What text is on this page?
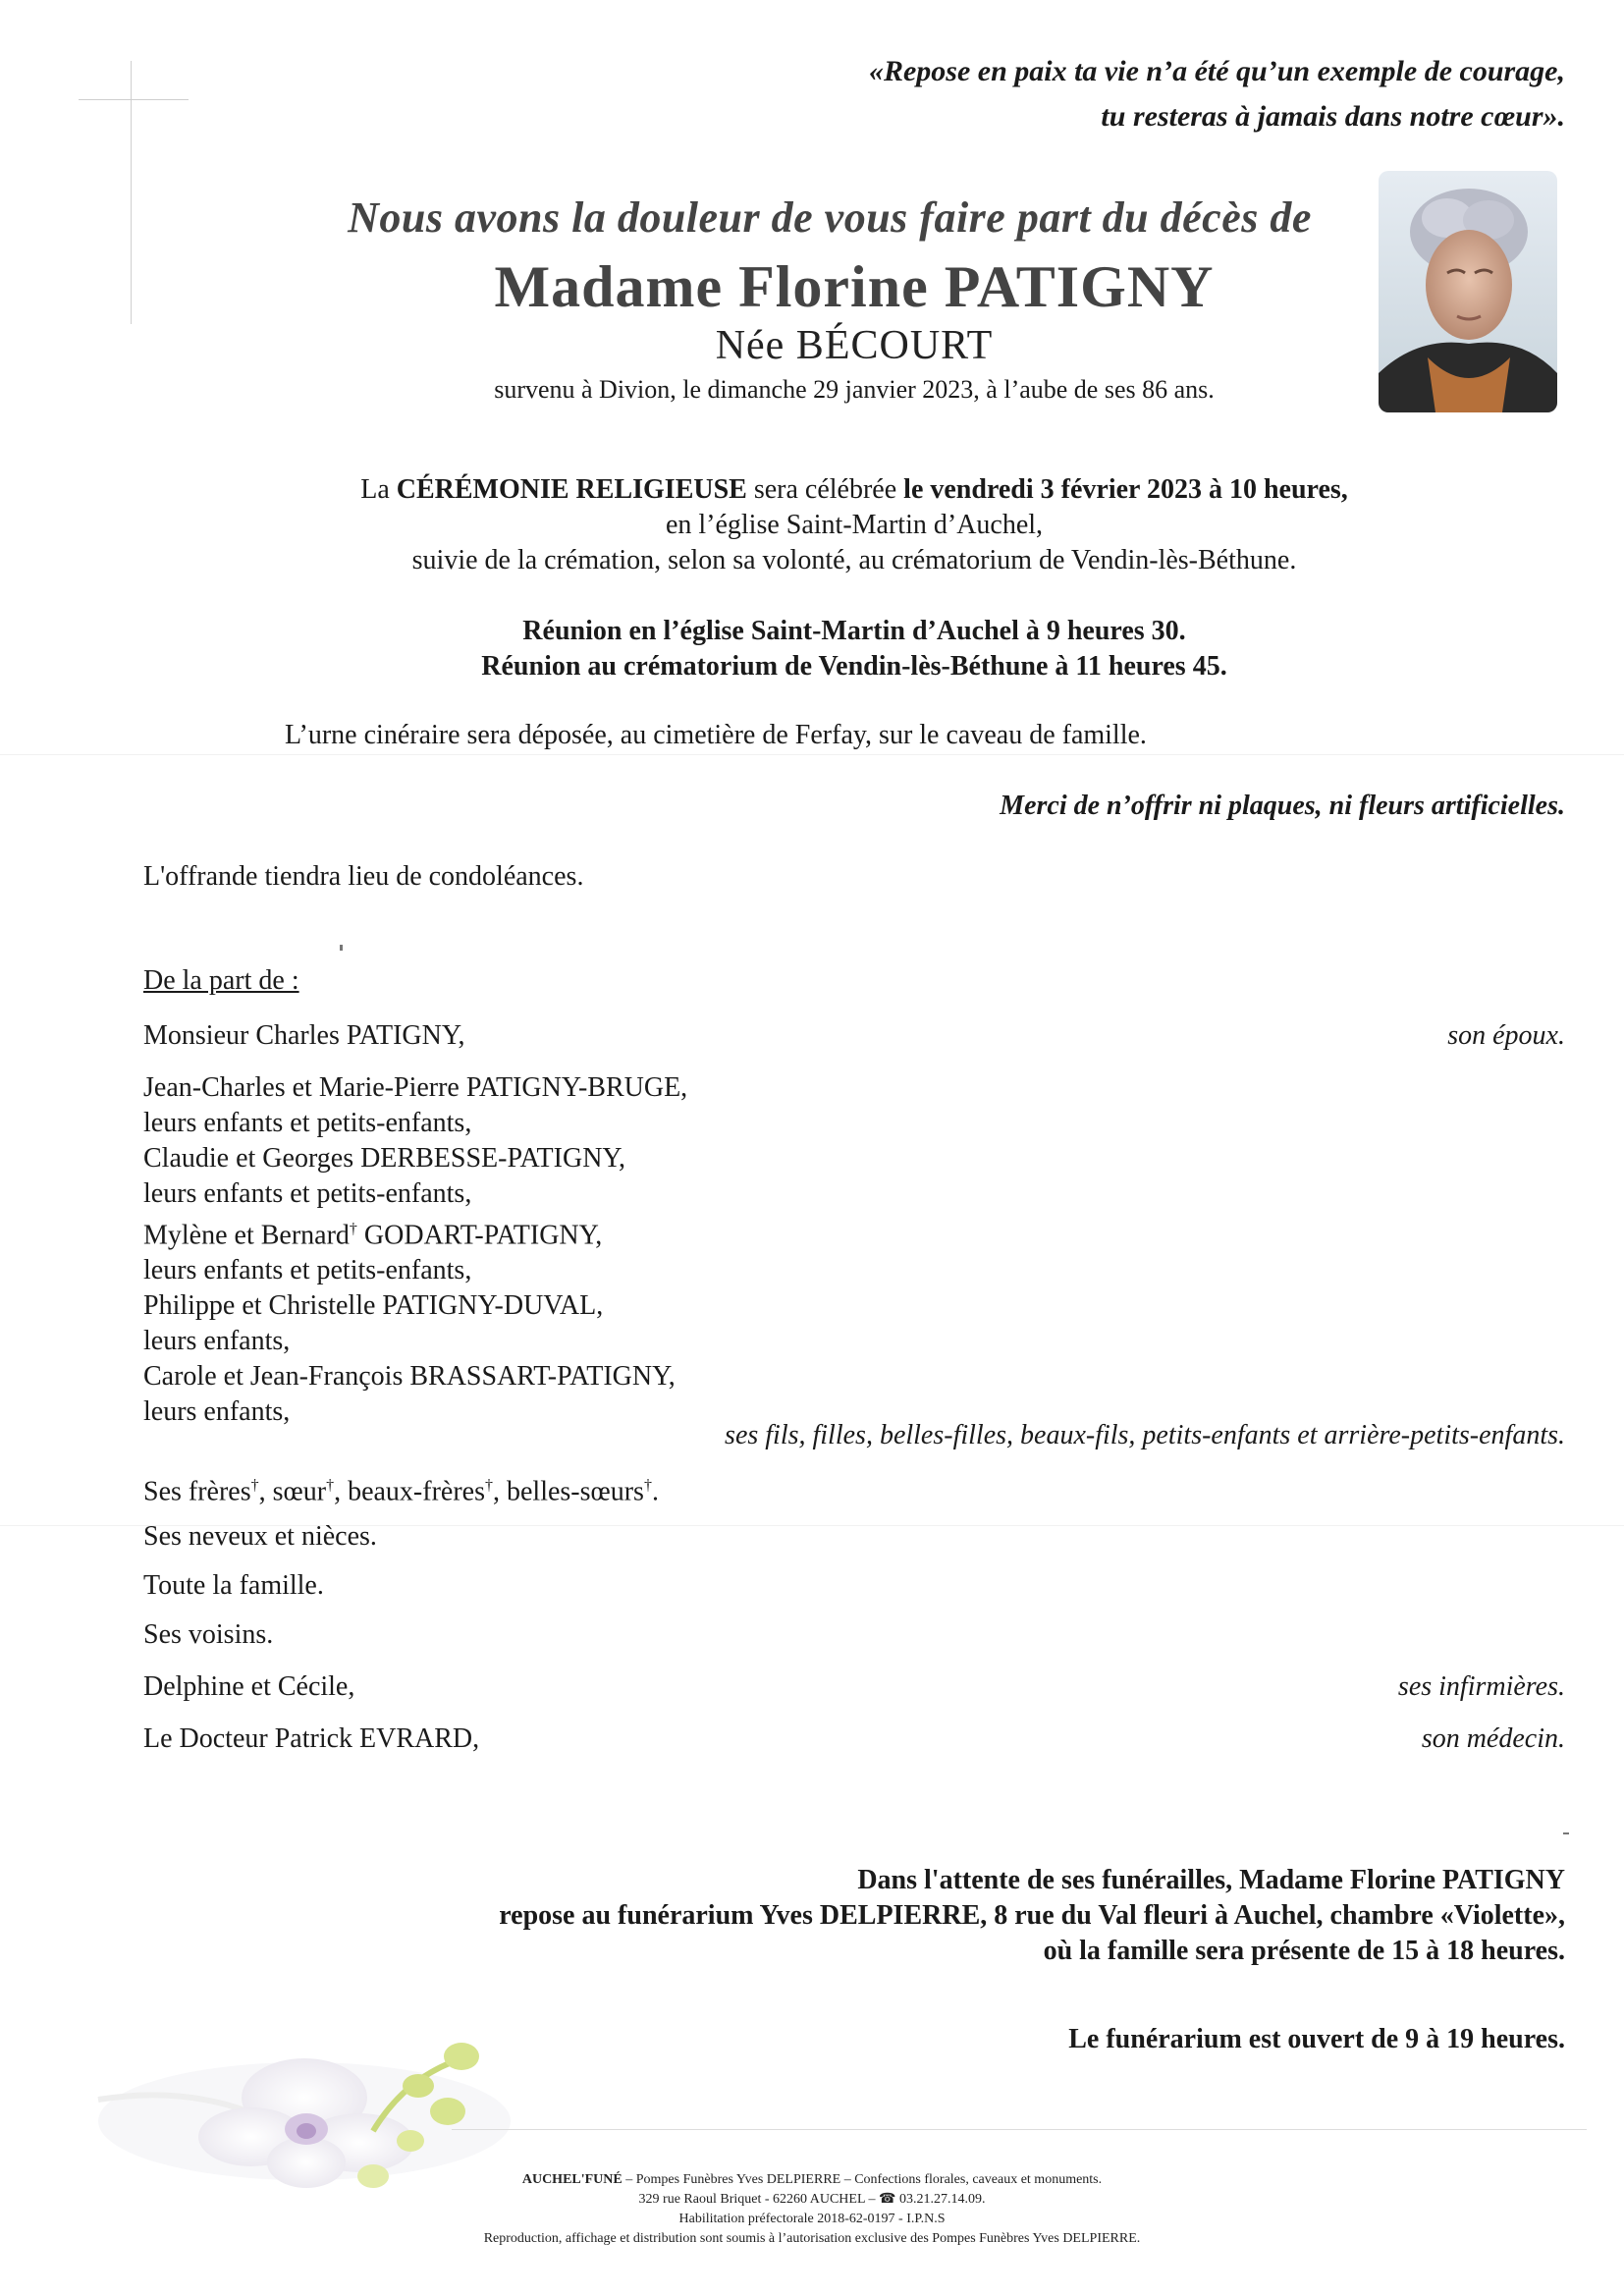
«Repose en paix ta vie n’a été qu’un exemple de courage,
tu resteras à jamais dans notre cœur».
Nous avons la douleur de vous faire part du décès de
Madame Florine PATIGNY
Née BÉCOURT
survenu à Divion, le dimanche 29 janvier 2023, à l’aube de ses 86 ans.
La CÉRÉMONIE RELIGIEUSE sera célébrée le vendredi 3 février 2023 à 10 heures,
en l’église Saint-Martin d’Auchel,
suivie de la crémation, selon sa volonté, au crématorium de Vendin-lès-Béthune.
Réunion en l’église Saint-Martin d’Auchel à 9 heures 30.
Réunion au crématorium de Vendin-lès-Béthune à 11 heures 45.
L’urne cinéraire sera déposée, au cimetière de Ferfay, sur le caveau de famille.
Merci de n’offrir ni plaques, ni fleurs artificielles.
L'offrande tiendra lieu de condoléances.
De la part de :
Monsieur Charles PATIGNY,	son époux.
Jean-Charles et Marie-Pierre PATIGNY-BRUGE,
leurs enfants et petits-enfants,
Claudie et Georges DERBESSE-PATIGNY,
leurs enfants et petits-enfants,
Mylène et Bernard† GODART-PATIGNY,
leurs enfants et petits-enfants,
Philippe et Christelle PATIGNY-DUVAL,
leurs enfants,
Carole et Jean-François BRASSART-PATIGNY,
leurs enfants,
ses fils, filles, belles-filles, beaux-fils, petits-enfants et arrière-petits-enfants.
Ses frères†, sœur†, beaux-frères†, belles-sœurs†.
Ses neveux et nièces.
Toute la famille.
Ses voisins.
Delphine et Cécile,	ses infirmières.
Le Docteur Patrick EVRARD,	son médecin.
Dans l'attente de ses funérailles, Madame Florine PATIGNY
repose au funérarium Yves DELPIERRE, 8 rue du Val fleuri à Auchel, chambre «Violette»,
où la famille sera présente de 15 à 18 heures.
Le funérarium est ouvert de 9 à 19 heures.
AUCHEL'FUNÉ – Pompes Funèbres Yves DELPIERRE – Confections florales, caveaux et monuments.
329 rue Raoul Briquet - 62260 AUCHEL – ☎ 03.21.27.14.09.
Habilitation préfectorale 2018-62-0197 - I.P.N.S
Reproduction, affichage et distribution sont soumis à l’autorisation exclusive des Pompes Funèbres Yves DELPIERRE.
